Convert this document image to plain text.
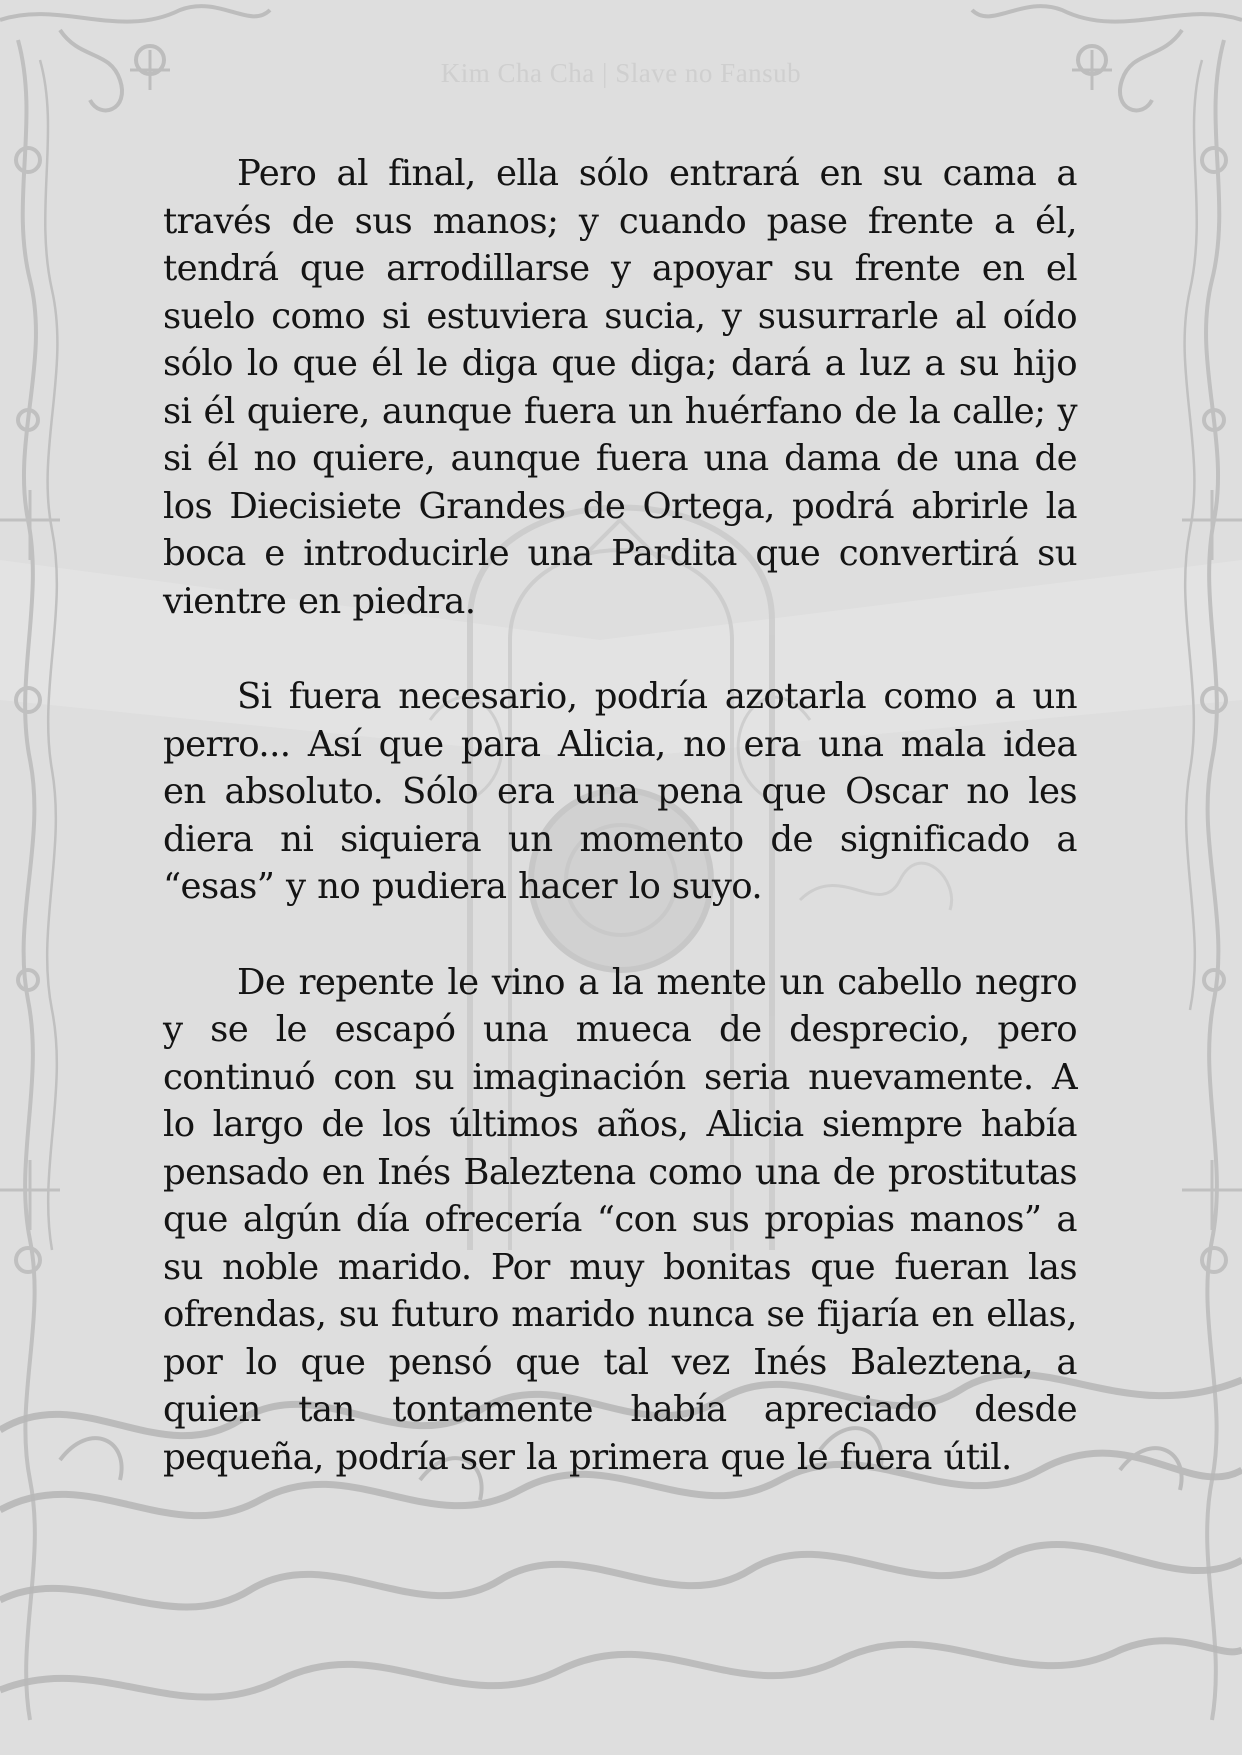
Kim Cha Cha | Slave no Fansub

Pero al final, ella sólo entrará en su cama a través de sus manos; y cuando pase frente a él, tendrá que arrodillarse y apoyar su frente en el suelo como si estuviera sucia, y susurrarle al oído sólo lo que él le diga que diga; dará a luz a su hijo si él quiere, aunque fuera un huérfano de la calle; y si él no quiere, aunque fuera una dama de una de los Diecisiete Grandes de Ortega, podrá abrirle la boca e introducirle una Pardita que convertirá su vientre en piedra.

Si fuera necesario, podría azotarla como a un perro... Así que para Alicia, no era una mala idea en absoluto. Sólo era una pena que Oscar no les diera ni siquiera un momento de significado a “esas” y no pudiera hacer lo suyo.

De repente le vino a la mente un cabello negro y se le escapó una mueca de desprecio, pero continuó con su imaginación seria nuevamente. A lo largo de los últimos años, Alicia siempre había pensado en Inés Baleztena como una de prostitutas que algún día ofrecería “con sus propias manos” a su noble marido. Por muy bonitas que fueran las ofrendas, su futuro marido nunca se fijaría en ellas, por lo que pensó que tal vez Inés Baleztena, a quien tan tontamente había apreciado desde pequeña, podría ser la primera que le fuera útil.
